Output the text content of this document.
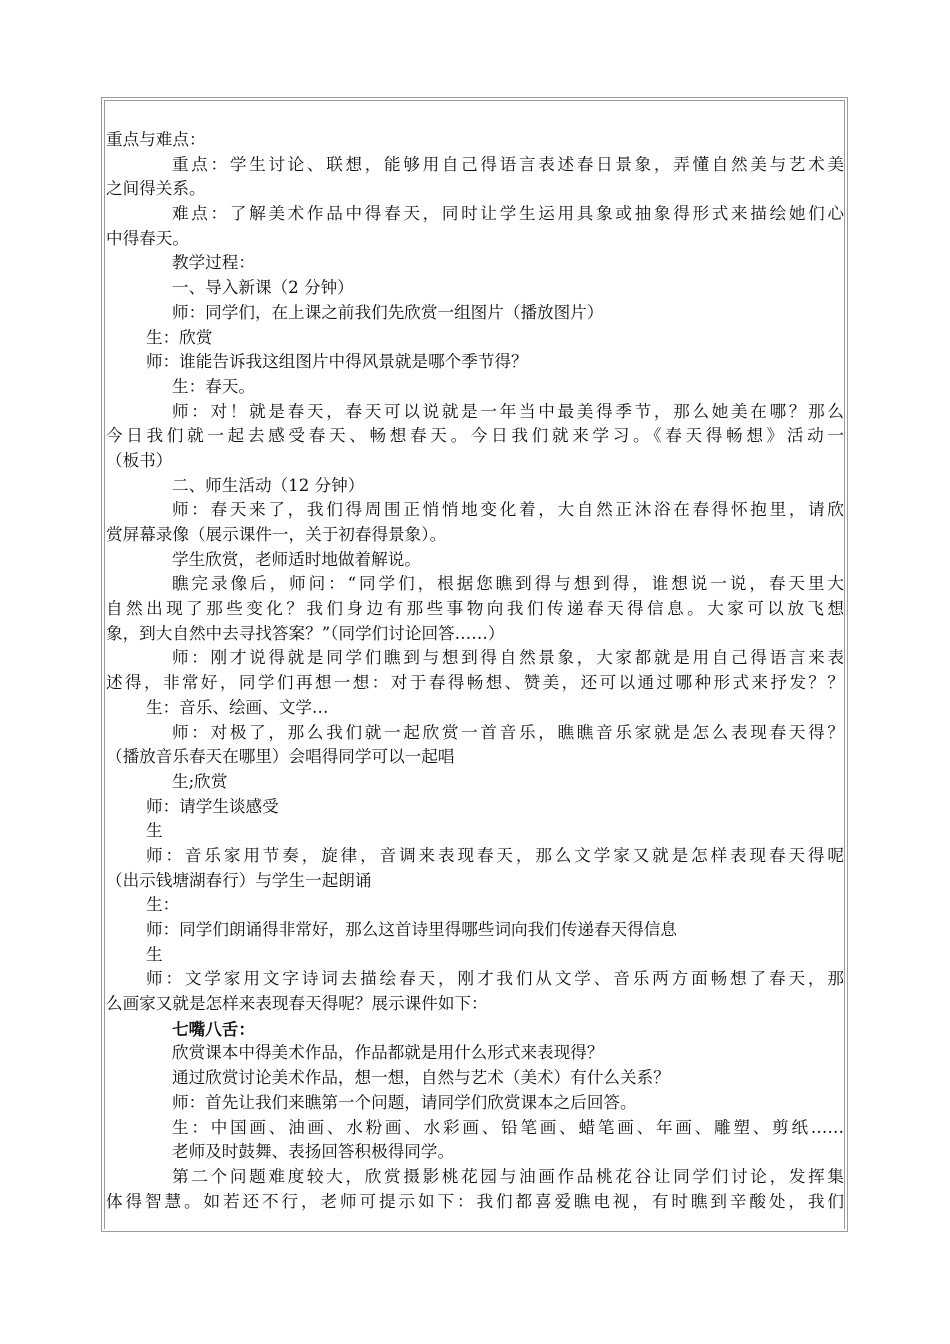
重点与难点：
重点：学生讨论、联想，能够用自己得语言表述春日景象，弄懂自然美与艺术美
之间得关系。
难点：了解美术作品中得春天，同时让学生运用具象或抽象得形式来描绘她们心
中得春天。
教学过程：
一、导入新课（2 分钟）
师：同学们，在上课之前我们先欣赏一组图片（播放图片）
生：欣赏
师：谁能告诉我这组图片中得风景就是哪个季节得？
生：春天。
师：对！就是春天，春天可以说就是一年当中最美得季节，那么她美在哪？那么
今日我们就一起去感受春天、畅想春天。今日我们就来学习。《春天得畅想》活动一
（板书）
二、师生活动（12 分钟）
师：春天来了，我们得周围正悄悄地变化着，大自然正沐浴在春得怀抱里，请欣
赏屏幕录像（展示课件一，关于初春得景象）。
学生欣赏，老师适时地做着解说。
瞧完录像后，师问：“同学们，根据您瞧到得与想到得，谁想说一说，春天里大
自然出现了那些变化？我们身边有那些事物向我们传递春天得信息。大家可以放飞想
象，到大自然中去寻找答案？”（同学们讨论回答……）
师：刚才说得就是同学们瞧到与想到得自然景象，大家都就是用自己得语言来表
述得，非常好，同学们再想一想：对于春得畅想、赞美，还可以通过哪种形式来抒发？？
生：音乐、绘画、文学…
师：对极了，那么我们就一起欣赏一首音乐，瞧瞧音乐家就是怎么表现春天得？
（播放音乐春天在哪里）会唱得同学可以一起唱
生;欣赏
师：请学生谈感受
生
师：音乐家用节奏，旋律，音调来表现春天，那么文学家又就是怎样表现春天得呢
（出示钱塘湖春行）与学生一起朗诵
生：
师：同学们朗诵得非常好，那么这首诗里得哪些词向我们传递春天得信息
生
师：文学家用文字诗词去描绘春天，刚才我们从文学、音乐两方面畅想了春天，那
么画家又就是怎样来表现春天得呢？展示课件如下：
七嘴八舌：
欣赏课本中得美术作品，作品都就是用什么形式来表现得？
通过欣赏讨论美术作品，想一想，自然与艺术（美术）有什么关系？
师：首先让我们来瞧第一个问题，请同学们欣赏课本之后回答。
生：中国画、油画、水粉画、水彩画、铅笔画、蜡笔画、年画、雕塑、剪纸……
老师及时鼓舞、表扬回答积极得同学。
第二个问题难度较大，欣赏摄影桃花园与油画作品桃花谷让同学们讨论，发挥集
体得智慧。如若还不行，老师可提示如下：我们都喜爱瞧电视，有时瞧到辛酸处，我们
